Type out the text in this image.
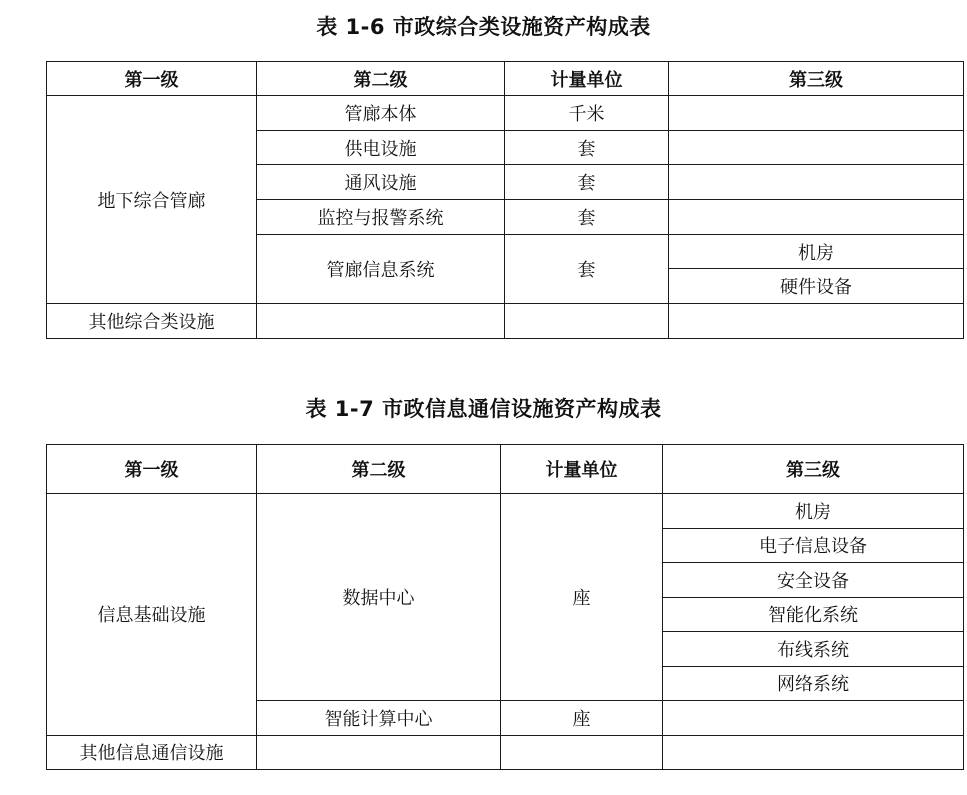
表 1-6 市政综合类设施资产构成表
第一级	第二级	计量单位	第三级
地下综合管廊	管廊本体	千米	
	供电设施	套	
	通风设施	套	
	监控与报警系统	套	
	管廊信息系统	套	机房
			硬件设备
其他综合类设施			
表 1-7 市政信息通信设施资产构成表
第一级	第二级	计量单位	第三级
信息基础设施	数据中心	座	机房
			电子信息设备
			安全设备
			智能化系统
			布线系统
			网络系统
	智能计算中心	座	
其他信息通信设施			
